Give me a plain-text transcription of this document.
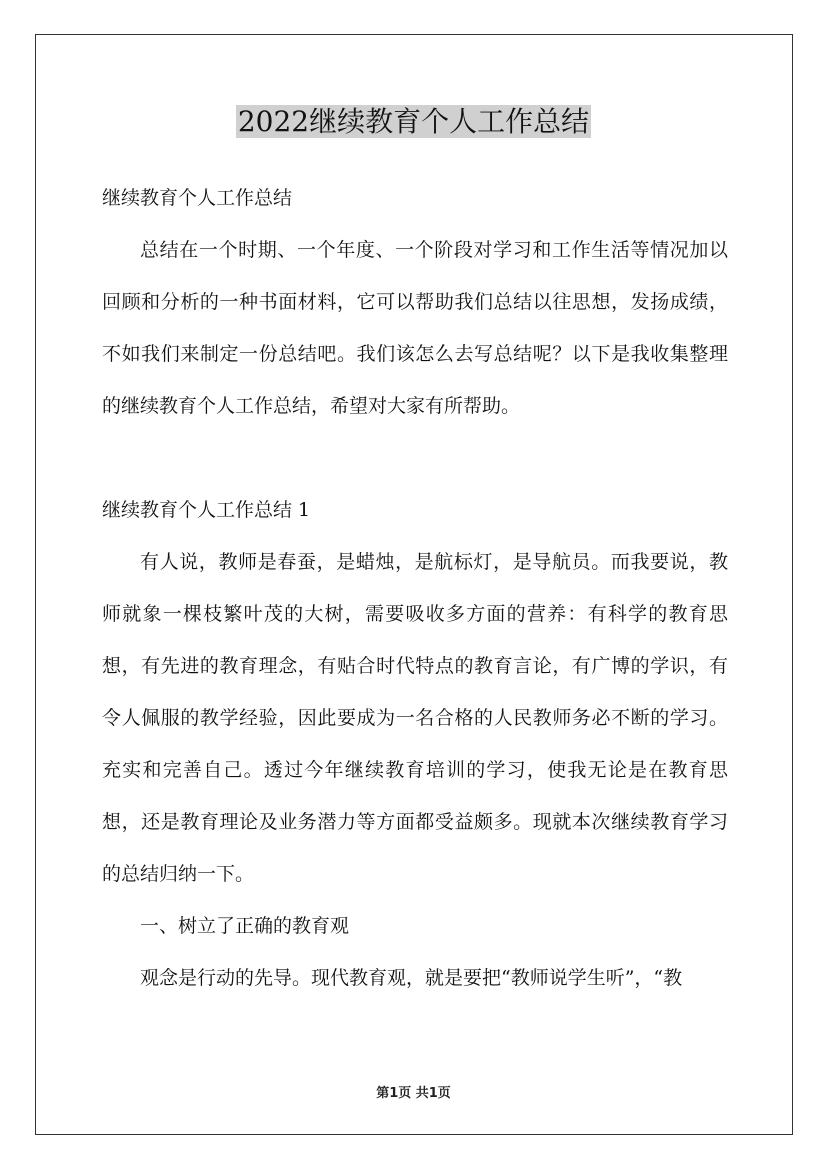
2022继续教育个人工作总结

继续教育个人工作总结

总结在一个时期、一个年度、一个阶段对学习和工作生活等情况加以回顾和分析的一种书面材料，它可以帮助我们总结以往思想，发扬成绩，不如我们来制定一份总结吧。我们该怎么去写总结呢？以下是我收集整理的继续教育个人工作总结，希望对大家有所帮助。

继续教育个人工作总结 1

有人说，教师是春蚕，是蜡烛，是航标灯，是导航员。而我要说，教师就象一棵枝繁叶茂的大树，需要吸收多方面的营养：有科学的教育思想，有先进的教育理念，有贴合时代特点的教育言论，有广博的学识，有令人佩服的教学经验，因此要成为一名合格的人民教师务必不断的学习。充实和完善自己。透过今年继续教育培训的学习，使我无论是在教育思想，还是教育理论及业务潜力等方面都受益颇多。现就本次继续教育学习的总结归纳一下。

一、树立了正确的教育观

观念是行动的先导。现代教育观，就是要把“教师说学生听”，“教

第1页 共1页
